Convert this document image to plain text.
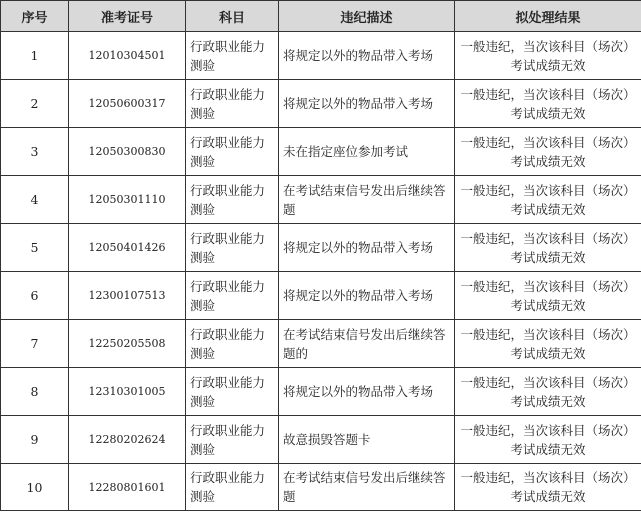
序号	准考证号	科目	违纪描述	拟处理结果
1	12010304501	行政职业能力测验	将规定以外的物品带入考场	一般违纪，当次该科目（场次）考试成绩无效
2	12050600317	行政职业能力测验	将规定以外的物品带入考场	一般违纪，当次该科目（场次）考试成绩无效
3	12050300830	行政职业能力测验	未在指定座位参加考试	一般违纪，当次该科目（场次）考试成绩无效
4	12050301110	行政职业能力测验	在考试结束信号发出后继续答题	一般违纪，当次该科目（场次）考试成绩无效
5	12050401426	行政职业能力测验	将规定以外的物品带入考场	一般违纪，当次该科目（场次）考试成绩无效
6	12300107513	行政职业能力测验	将规定以外的物品带入考场	一般违纪，当次该科目（场次）考试成绩无效
7	12250205508	行政职业能力测验	在考试结束信号发出后继续答题的	一般违纪，当次该科目（场次）考试成绩无效
8	12310301005	行政职业能力测验	将规定以外的物品带入考场	一般违纪，当次该科目（场次）考试成绩无效
9	12280202624	行政职业能力测验	故意损毁答题卡	一般违纪，当次该科目（场次）考试成绩无效
10	12280801601	行政职业能力测验	在考试结束信号发出后继续答题	一般违纪，当次该科目（场次）考试成绩无效
